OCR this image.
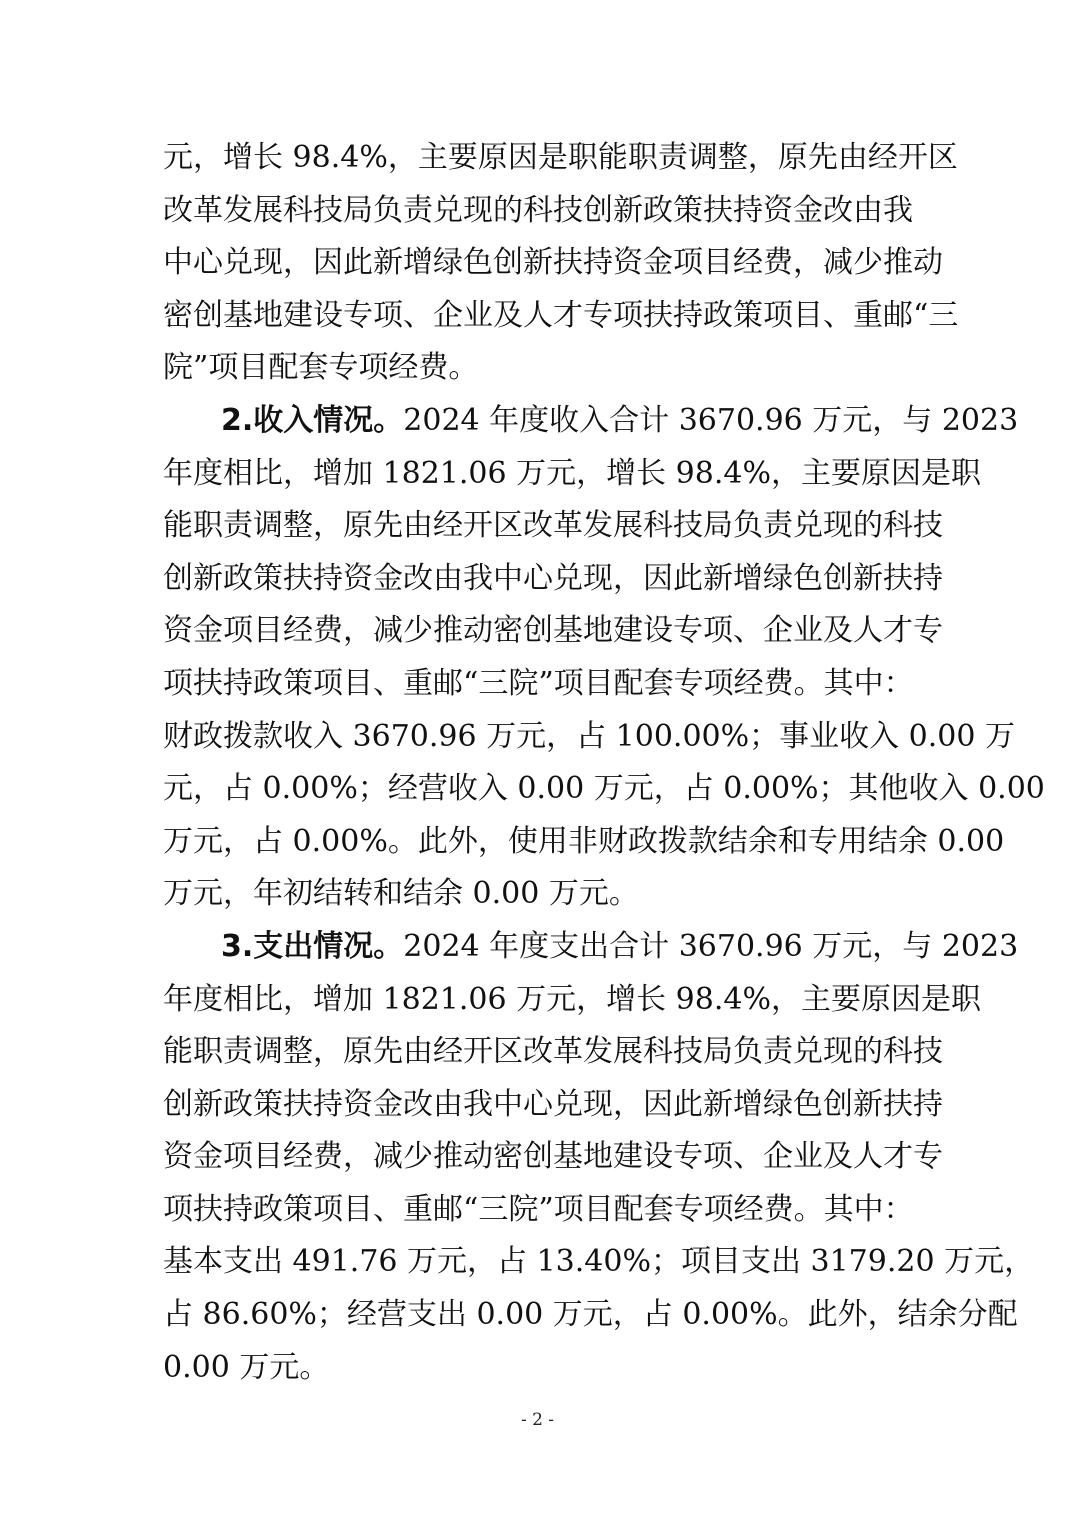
元，增长 98.4%，主要原因是职能职责调整，原先由经开区
改革发展科技局负责兑现的科技创新政策扶持资金改由我
中心兑现，因此新增绿色创新扶持资金项目经费，减少推动
密创基地建设专项、企业及人才专项扶持政策项目、重邮“三
院”项目配套专项经费。
2.收入情况。2024 年度收入合计 3670.96 万元，与 2023
年度相比，增加 1821.06 万元，增长 98.4%，主要原因是职
能职责调整，原先由经开区改革发展科技局负责兑现的科技
创新政策扶持资金改由我中心兑现，因此新增绿色创新扶持
资金项目经费，减少推动密创基地建设专项、企业及人才专
项扶持政策项目、重邮“三院”项目配套专项经费。其中：
财政拨款收入 3670.96 万元，占 100.00%；事业收入 0.00 万
元，占 0.00%；经营收入 0.00 万元，占 0.00%；其他收入 0.00
万元，占 0.00%。此外，使用非财政拨款结余和专用结余 0.00
万元，年初结转和结余 0.00 万元。
3.支出情况。2024 年度支出合计 3670.96 万元，与 2023
年度相比，增加 1821.06 万元，增长 98.4%，主要原因是职
能职责调整，原先由经开区改革发展科技局负责兑现的科技
创新政策扶持资金改由我中心兑现，因此新增绿色创新扶持
资金项目经费，减少推动密创基地建设专项、企业及人才专
项扶持政策项目、重邮“三院”项目配套专项经费。其中：
基本支出 491.76 万元，占 13.40%；项目支出 3179.20 万元，
占 86.60%；经营支出 0.00 万元，占 0.00%。此外，结余分配
0.00 万元。
- 2 -
